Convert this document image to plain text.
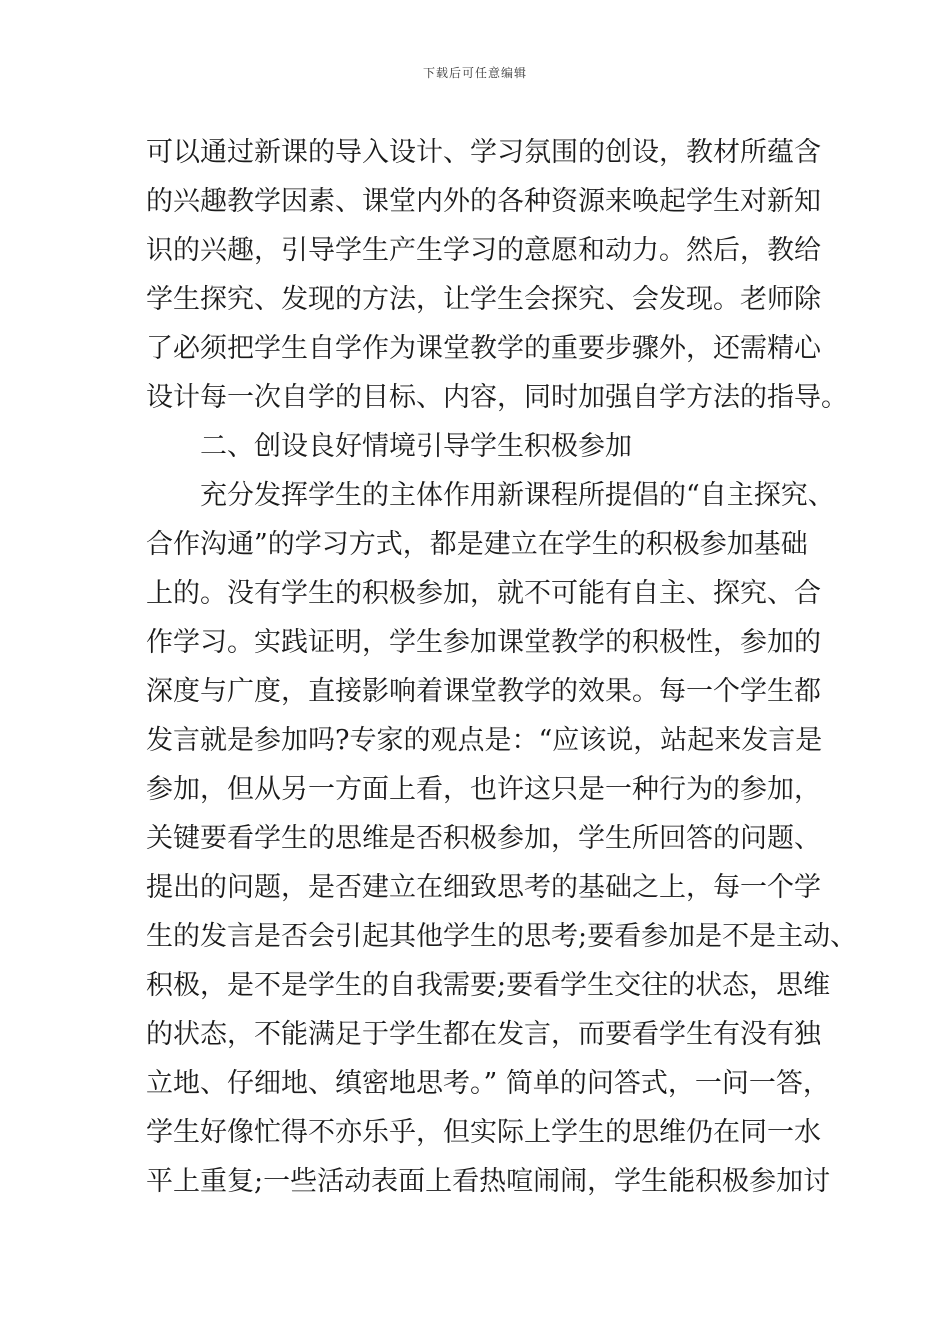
下载后可任意编辑
可以通过新课的导入设计、学习氛围的创设，教材所蕴含
的兴趣教学因素、课堂内外的各种资源来唤起学生对新知
识的兴趣，引导学生产生学习的意愿和动力。然后，教给
学生探究、发现的方法，让学生会探究、会发现。老师除
了必须把学生自学作为课堂教学的重要步骤外，还需精心
设计每一次自学的目标、内容，同时加强自学方法的指导。
二、创设良好情境引导学生积极参加
充分发挥学生的主体作用新课程所提倡的“自主探究、
合作沟通”的学习方式，都是建立在学生的积极参加基础
上的。没有学生的积极参加，就不可能有自主、探究、合
作学习。实践证明，学生参加课堂教学的积极性，参加的
深度与广度，直接影响着课堂教学的效果。每一个学生都
发言就是参加吗?专家的观点是：“应该说，站起来发言是
参加，但从另一方面上看，也许这只是一种行为的参加，
关键要看学生的思维是否积极参加，学生所回答的问题、
提出的问题，是否建立在细致思考的基础之上，每一个学
生的发言是否会引起其他学生的思考;要看参加是不是主动、
积极，是不是学生的自我需要;要看学生交往的状态，思维
的状态，不能满足于学生都在发言，而要看学生有没有独
立地、仔细地、缜密地思考。” 简单的问答式，一问一答，
学生好像忙得不亦乐乎，但实际上学生的思维仍在同一水
平上重复;一些活动表面上看热喧闹闹，学生能积极参加讨
